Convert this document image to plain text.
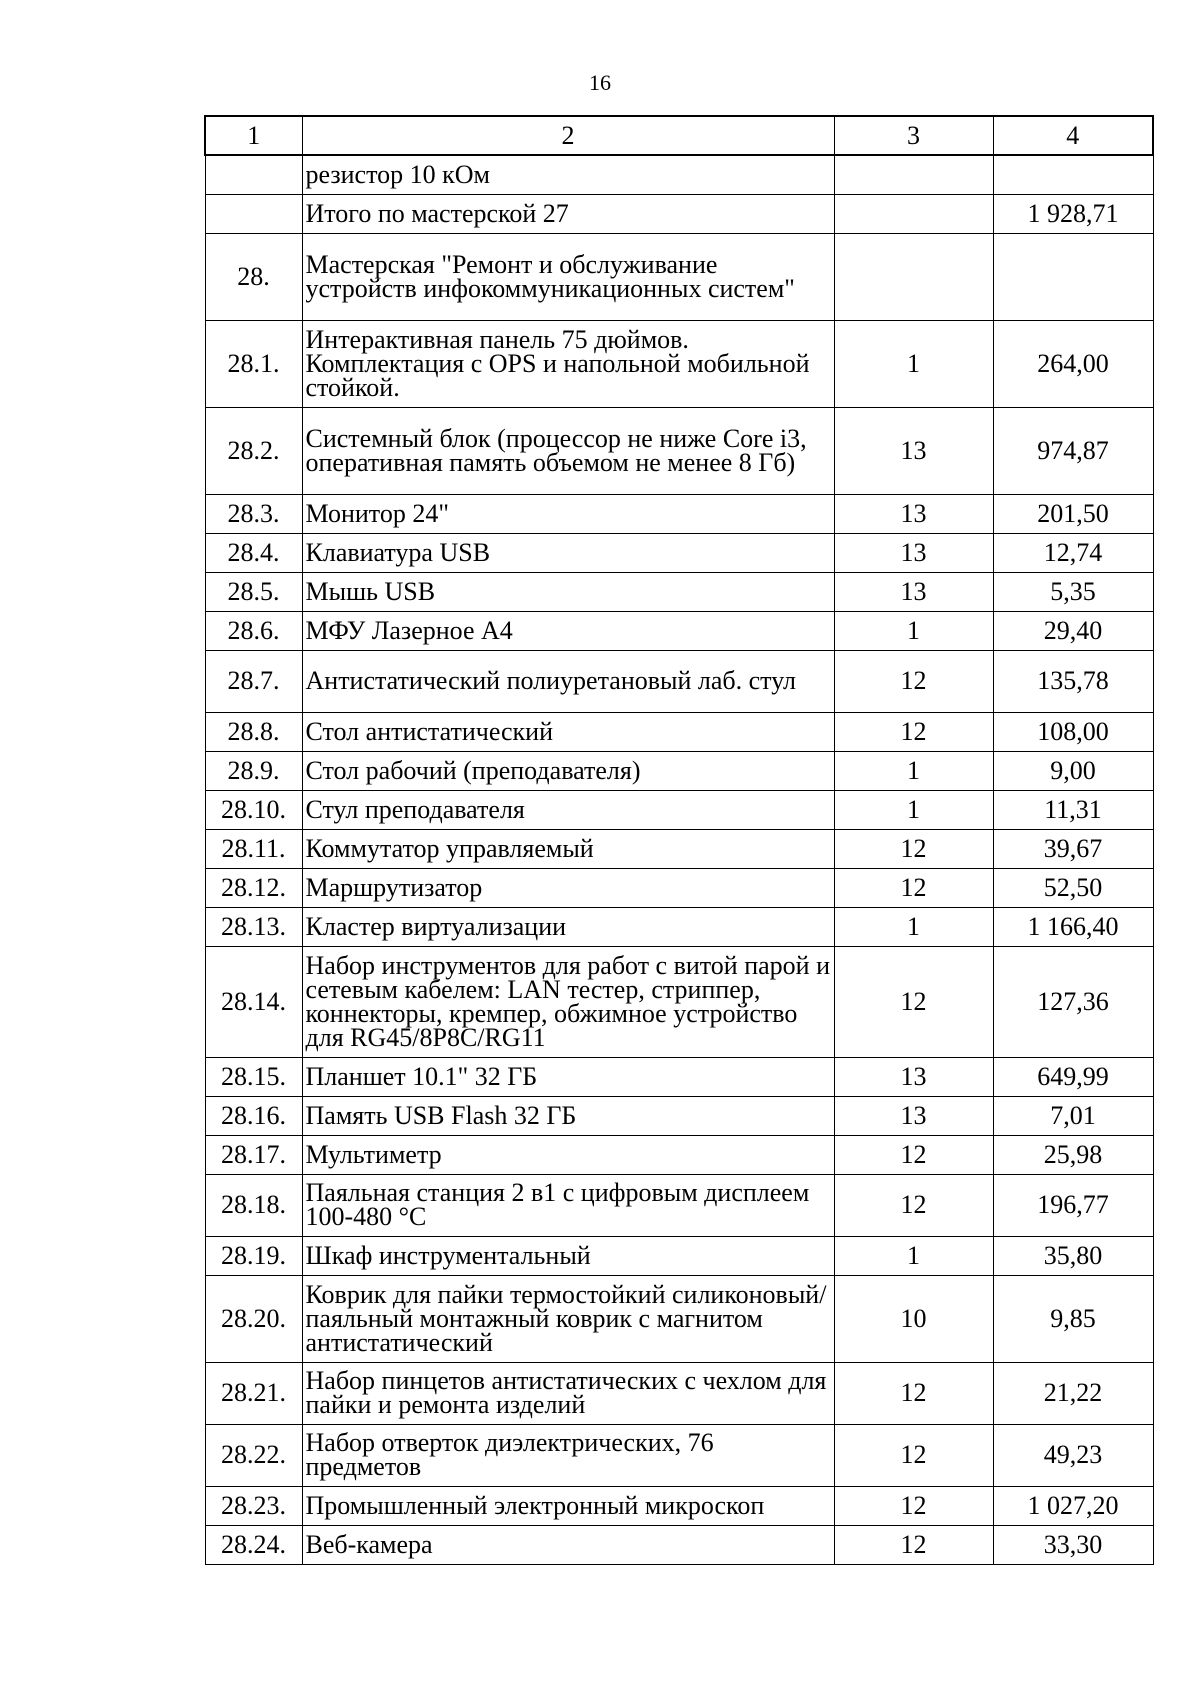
16
1	2	3	4
	резистор 10 кОм		
	Итого по мастерской 27		1 928,71
28.	Мастерская "Ремонт и обслуживание устройств инфокоммуникационных систем"		
28.1.	Интерактивная панель 75 дюймов. Комплектация с OPS и напольной мобильной стойкой.	1	264,00
28.2.	Системный блок (процессор не ниже Core i3, оперативная память объемом не менее 8 Гб)	13	974,87
28.3.	Монитор 24"	13	201,50
28.4.	Клавиатура USB	13	12,74
28.5.	Мышь USB	13	5,35
28.6.	МФУ Лазерное А4	1	29,40
28.7.	Антистатический полиуретановый лаб. стул	12	135,78
28.8.	Стол антистатический	12	108,00
28.9.	Стол рабочий (преподавателя)	1	9,00
28.10.	Стул преподавателя	1	11,31
28.11.	Коммутатор управляемый	12	39,67
28.12.	Маршрутизатор	12	52,50
28.13.	Кластер виртуализации	1	1 166,40
28.14.	Набор инструментов для работ с витой парой и сетевым кабелем: LAN тестер, стриппер, коннекторы, кремпер, обжимное устройство для RG45/8P8C/RG11	12	127,36
28.15.	Планшет 10.1" 32 ГБ	13	649,99
28.16.	Память USB Flash 32 ГБ	13	7,01
28.17.	Мультиметр	12	25,98
28.18.	Паяльная станция 2 в1 с цифровым дисплеем 100-480 °С	12	196,77
28.19.	Шкаф инструментальный	1	35,80
28.20.	Коврик для пайки термостойкий силиконовый/паяльный монтажный коврик с магнитом антистатический	10	9,85
28.21.	Набор пинцетов антистатических с чехлом для пайки и ремонта изделий	12	21,22
28.22.	Набор отверток диэлектрических, 76 предметов	12	49,23
28.23.	Промышленный электронный микроскоп	12	1 027,20
28.24.	Веб-камера	12	33,30
